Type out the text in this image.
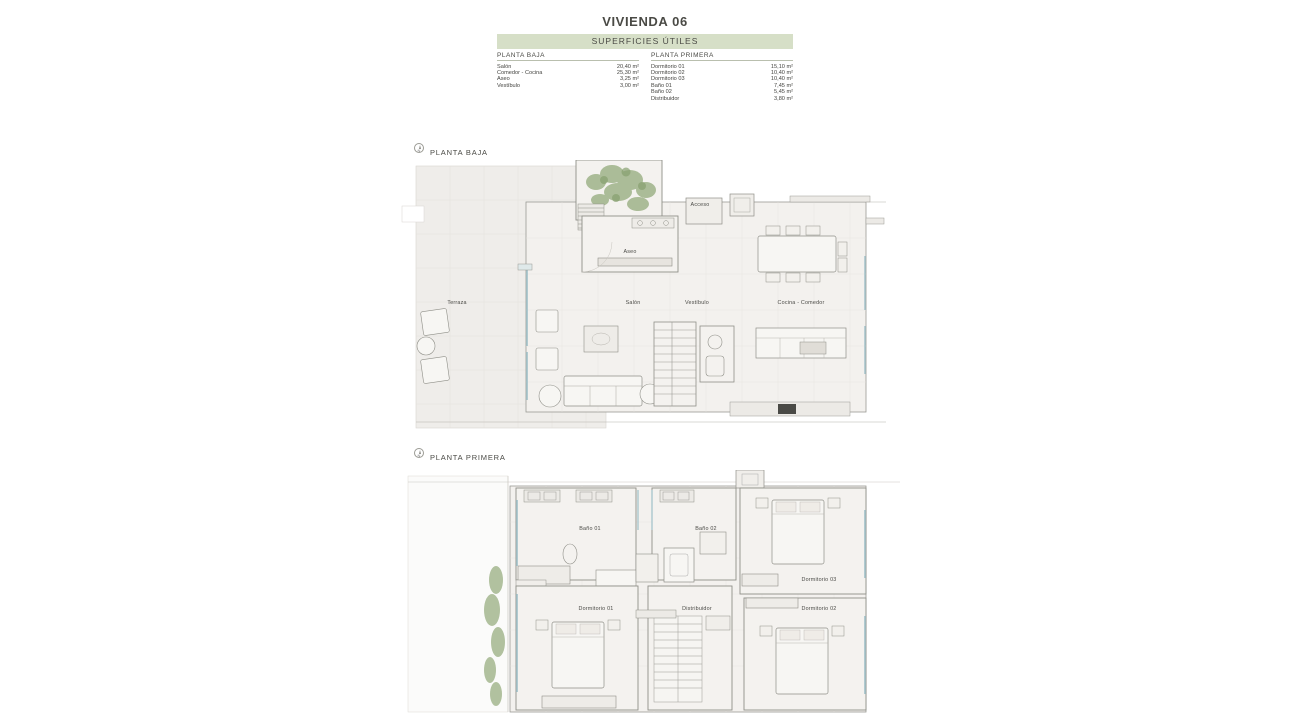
VIVIENDA 06
SUPERFICIES ÚTILES
PLANTA BAJA
Salón	20,40 m²
Comedor - Cocina	25,30 m²
Aseo	3,25 m²
Vestíbulo	3,00 m²
PLANTA PRIMERA
Dormitorio 01	15,10 m²
Dormitorio 02	10,40 m²
Dormitorio 03	10,40 m²
Baño 01	7,45 m²
Baño 02	5,45 m²
Distribuidor	3,80 m²
N	PLANTA BAJA
Terraza	Salón	Vestíbulo	Cocina - Comedor
Aseo
Acceso
N	PLANTA PRIMERA
Baño 01	Baño 02
Dormitorio 03
Dormitorio 01	Distribuidor	Dormitorio 02
